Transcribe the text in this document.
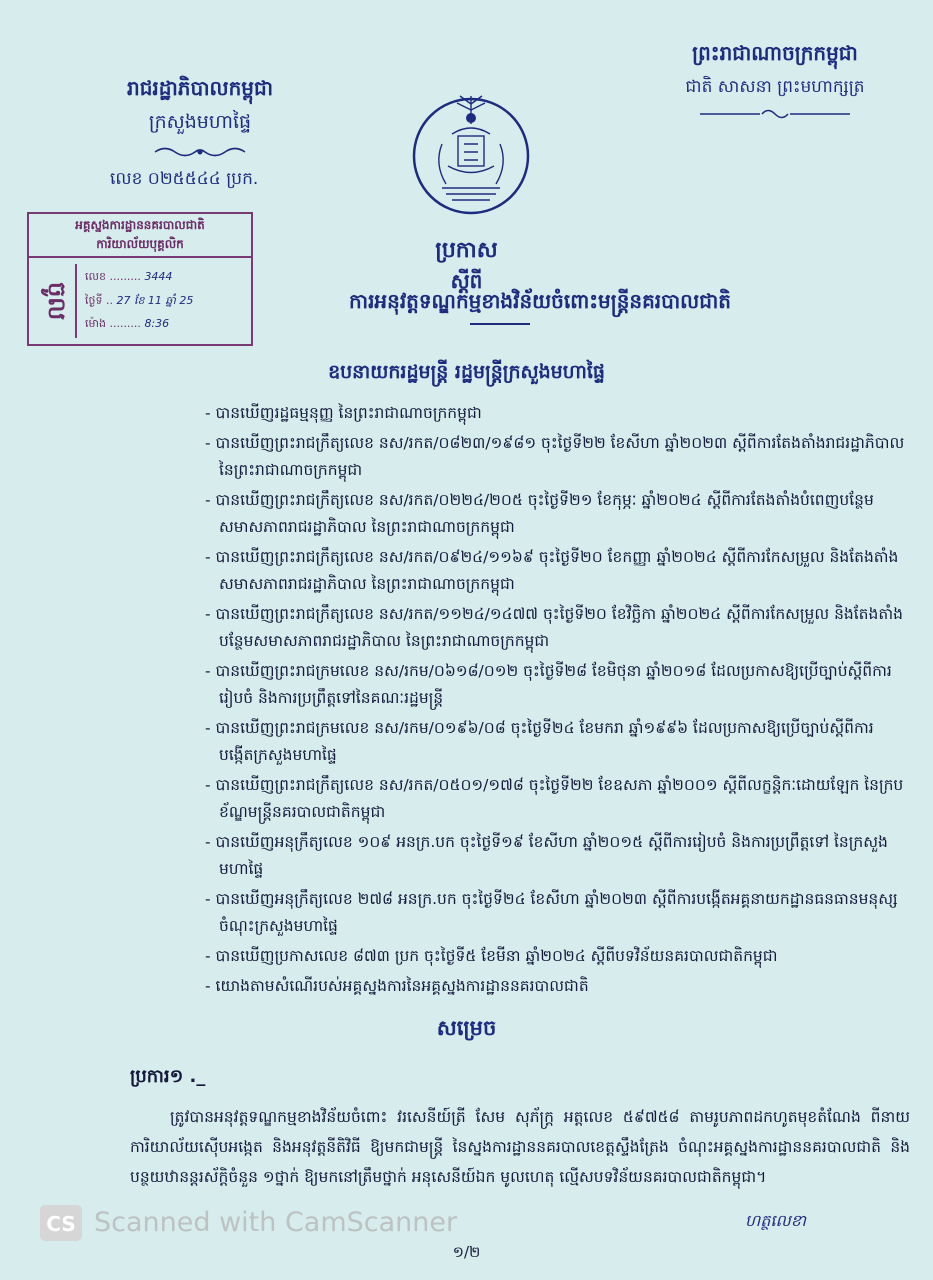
ព្រះរាជាណាចក្រកម្ពុជា
ជាតិ សាសនា ព្រះមហាក្សត្រ
រាជរដ្ឋាភិបាលកម្ពុជា
ក្រសួងមហាផ្ទៃ
លេខ ០២៥៥៤៤ ប្រក.
អគ្គស្នងការដ្ឋាននគរបាលជាតិ
ការិយាល័យបុគ្គលិក
ចូល
លេខ ......... 3444
ថ្ងៃទី .. 27 ខែ 11 ឆ្នាំ 25
ម៉ោង ......... 8:36
ប្រកាស
ស្តីពី
ការអនុវត្តទណ្ឌកម្មខាងវិន័យចំពោះមន្ត្រីនគរបាលជាតិ
ឧបនាយករដ្ឋមន្ត្រី រដ្ឋមន្ត្រីក្រសួងមហាផ្ទៃ
- បានឃើញរដ្ឋធម្មនុញ្ញ នៃព្រះរាជាណាចក្រកម្ពុជា
- បានឃើញព្រះរាជក្រឹត្យលេខ នស/រកត/០៨២៣/១៩៨១ ចុះថ្ងៃទី២២ ខែសីហា ឆ្នាំ២០២៣ ស្តីពីការតែងតាំងរាជរដ្ឋាភិបាល នៃព្រះរាជាណាចក្រកម្ពុជា
- បានឃើញព្រះរាជក្រឹត្យលេខ នស/រកត/០២២៤/២០៥ ចុះថ្ងៃទី២១ ខែកុម្ភៈ ឆ្នាំ២០២៤ ស្តីពីការតែងតាំងបំពេញបន្ថែមសមាសភាពរាជរដ្ឋាភិបាល នៃព្រះរាជាណាចក្រកម្ពុជា
- បានឃើញព្រះរាជក្រឹត្យលេខ នស/រកត/០៩២៤/១១៦៩ ចុះថ្ងៃទី២០ ខែកញ្ញា ឆ្នាំ២០២៤ ស្តីពីការកែសម្រួល និងតែងតាំងសមាសភាពរាជរដ្ឋាភិបាល នៃព្រះរាជាណាចក្រកម្ពុជា
- បានឃើញព្រះរាជក្រឹត្យលេខ នស/រកត/១១២៤/១៤៧៧ ចុះថ្ងៃទី២០ ខែវិច្ឆិកា ឆ្នាំ២០២៤ ស្តីពីការកែសម្រួល និងតែងតាំងបន្ថែមសមាសភាពរាជរដ្ឋាភិបាល នៃព្រះរាជាណាចក្រកម្ពុជា
- បានឃើញព្រះរាជក្រមលេខ នស/រកម/០៦១៨/០១២ ចុះថ្ងៃទី២៨ ខែមិថុនា ឆ្នាំ២០១៨ ដែលប្រកាសឱ្យប្រើច្បាប់ស្តីពីការរៀបចំ និងការប្រព្រឹត្តទៅនៃគណៈរដ្ឋមន្ត្រី
- បានឃើញព្រះរាជក្រមលេខ នស/រកម/០១៩៦/០៨ ចុះថ្ងៃទី២៤ ខែមករា ឆ្នាំ១៩៩៦ ដែលប្រកាសឱ្យប្រើច្បាប់ស្តីពីការបង្កើតក្រសួងមហាផ្ទៃ
- បានឃើញព្រះរាជក្រឹត្យលេខ នស/រកត/០៥០១/១៧៨ ចុះថ្ងៃទី២២ ខែឧសភា ឆ្នាំ២០០១ ស្តីពីលក្ខន្តិកៈដោយឡែក នៃក្របខ័ណ្ឌមន្ត្រីនគរបាលជាតិកម្ពុជា
- បានឃើញអនុក្រឹត្យលេខ ១០៩ អនក្រ.បក ចុះថ្ងៃទី១៩ ខែសីហា ឆ្នាំ២០១៥ ស្តីពីការរៀបចំ និងការប្រព្រឹត្តទៅ នៃក្រសួងមហាផ្ទៃ
- បានឃើញអនុក្រឹត្យលេខ ២៧៨ អនក្រ.បក ចុះថ្ងៃទី២៤ ខែសីហា ឆ្នាំ២០២៣ ស្តីពីការបង្កើតអគ្គនាយកដ្ឋានធនធានមនុស្ស ចំណុះក្រសួងមហាផ្ទៃ
- បានឃើញប្រកាសលេខ ៨៧៣ ប្រក ចុះថ្ងៃទី៥ ខែមីនា ឆ្នាំ២០២៤ ស្តីពីបទវិន័យនគរបាលជាតិកម្ពុជា
- យោងតាមសំណើរបស់អគ្គស្នងការនៃអគ្គស្នងការដ្ឋាននគរបាលជាតិ
សម្រេច
ប្រការ១ ._
ត្រូវបានអនុវត្តទណ្ឌកម្មខាងវិន័យចំពោះ វរសេនីយ៍ត្រី សែម សុភ័ក្រ្ត អត្តលេខ ៥៩៧៥៨ តាមរូបភាពដកហូតមុខតំណែង ពីនាយការិយាល័យស៊ើបអង្កេត និងអនុវត្តនីតិវិធី ឱ្យមកជាមន្ត្រី នៃស្នងការដ្ឋាននគរបាលខេត្តស្ទឹងត្រែង ចំណុះអគ្គស្នងការដ្ឋាននគរបាលជាតិ និងបន្ថយឋានន្តរស័ក្តិចំនួន ១ថ្នាក់ ឱ្យមកនៅត្រឹមថ្នាក់ អនុសេនីយ៍ឯក មូលហេតុ ល្មើសបទវិន័យនគរបាលជាតិកម្ពុជា។
CS Scanned with CamScanner	ហត្ថលេខា
១/២
